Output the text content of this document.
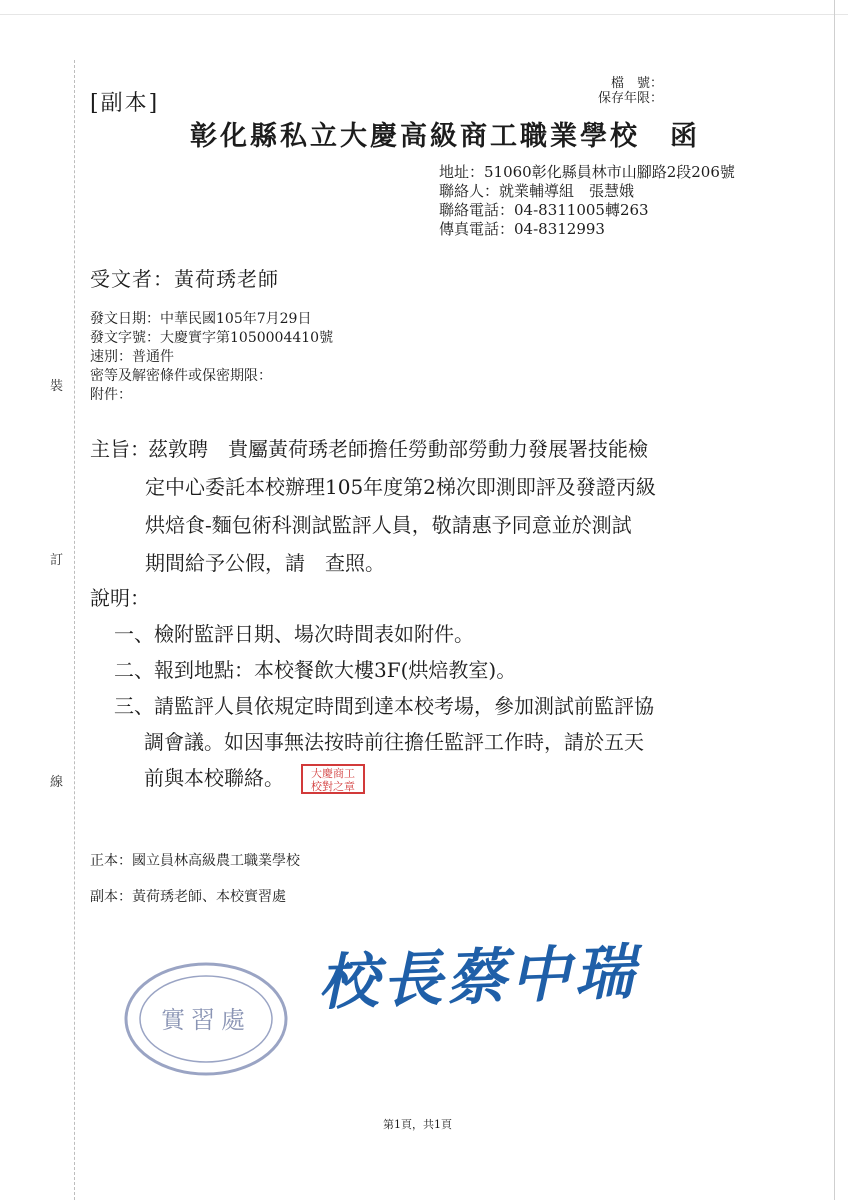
裝
訂
線
[副本]
檔　號：
保存年限：
彰化縣私立大慶高級商工職業學校　函
地址：51060彰化縣員林市山腳路2段206號
聯絡人：就業輔導組　張慧娥
聯絡電話：04-8311005轉263
傳真電話：04-8312993
受文者：黃荷琇老師
發文日期：中華民國105年7月29日
發文字號：大慶實字第1050004410號
速別：普通件
密等及解密條件或保密期限：
附件：
主旨：茲敦聘　貴屬黃荷琇老師擔任勞動部勞動力發展署技能檢
定中心委託本校辦理105年度第2梯次即測即評及發證丙級
烘焙食-麵包術科測試監評人員，敬請惠予同意並於測試
期間給予公假，請　查照。
說明：
一、檢附監評日期、場次時間表如附件。
二、報到地點：本校餐飲大樓3F(烘焙教室)。
三、請監評人員依規定時間到達本校考場，參加測試前監評協
調會議。如因事無法按時前往擔任監評工作時，請於五天
前與本校聯絡。	大慶商工
校對之章
正本：國立員林高級農工職業學校
副本：黃荷琇老師、本校實習處
校長蔡中瑞
實習處
第1頁，共1頁
